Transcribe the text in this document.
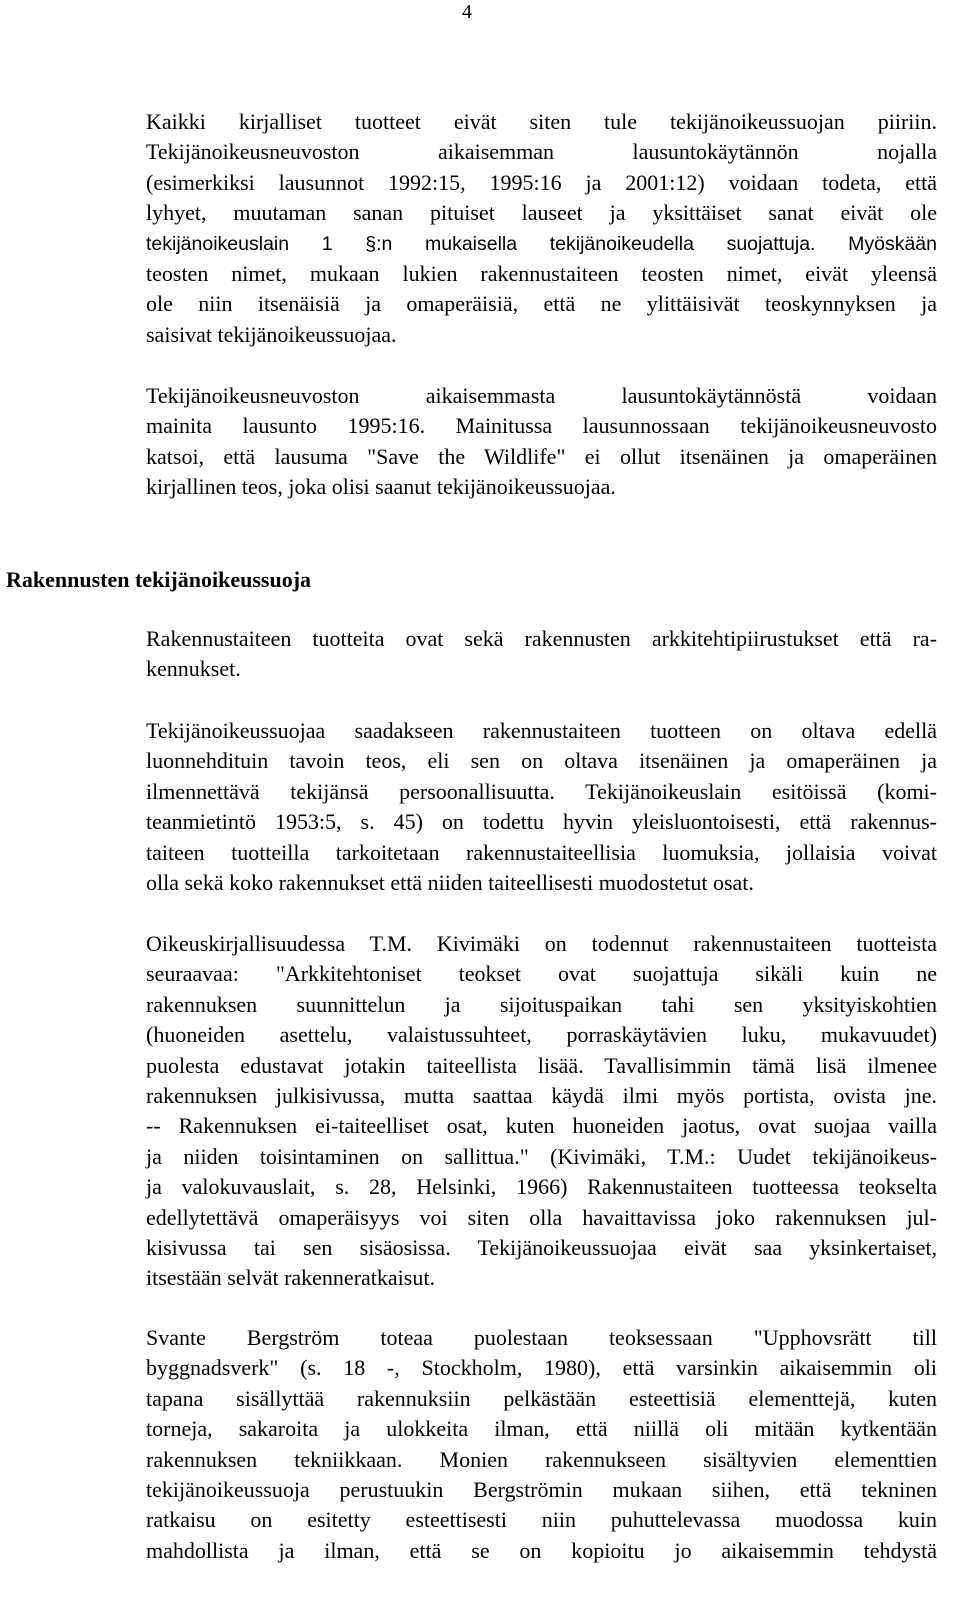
4
Kaikki kirjalliset tuotteet eivät siten tule tekijänoikeussuojan piiriin.
Tekijänoikeusneuvoston aikaisemman lausuntokäytännön nojalla
(esimerkiksi lausunnot 1992:15, 1995:16 ja 2001:12) voidaan todeta, että
lyhyet, muutaman sanan pituiset lauseet ja yksittäiset sanat eivät ole
tekijänoikeuslain 1 §:n mukaisella tekijänoikeudella suojattuja. Myöskään
teosten nimet, mukaan lukien rakennustaiteen teosten nimet, eivät yleensä
ole niin itsenäisiä ja omaperäisiä, että ne ylittäisivät teoskynnyksen ja
saisivat tekijänoikeussuojaa.
Tekijänoikeusneuvoston aikaisemmasta lausuntokäytännöstä voidaan
mainita lausunto 1995:16. Mainitussa lausunnossaan tekijänoikeusneuvosto
katsoi, että lausuma "Save the Wildlife" ei ollut itsenäinen ja omaperäinen
kirjallinen teos, joka olisi saanut tekijänoikeussuojaa.
Rakennusten tekijänoikeussuoja
Rakennustaiteen tuotteita ovat sekä rakennusten arkkitehtipiirustukset että ra-
kennukset.
Tekijänoikeussuojaa saadakseen rakennustaiteen tuotteen on oltava edellä
luonnehdituin tavoin teos, eli sen on oltava itsenäinen ja omaperäinen ja
ilmennettävä tekijänsä persoonallisuutta. Tekijänoikeuslain esitöissä (komi-
teanmietintö 1953:5, s. 45) on todettu hyvin yleisluontoisesti, että rakennus-
taiteen tuotteilla tarkoitetaan rakennustaiteellisia luomuksia, jollaisia voivat
olla sekä koko rakennukset että niiden taiteellisesti muodostetut osat.
Oikeuskirjallisuudessa T.M. Kivimäki on todennut rakennustaiteen tuotteista
seuraavaa: "Arkkitehtoniset teokset ovat suojattuja sikäli kuin ne
rakennuksen suunnittelun ja sijoituspaikan tahi sen yksityiskohtien
(huoneiden asettelu, valaistussuhteet, porraskäytävien luku, mukavuudet)
puolesta edustavat jotakin taiteellista lisää. Tavallisimmin tämä lisä ilmenee
rakennuksen julkisivussa, mutta saattaa käydä ilmi myös portista, ovista jne.
-- Rakennuksen ei-taiteelliset osat, kuten huoneiden jaotus, ovat suojaa vailla
ja niiden toisintaminen on sallittua." (Kivimäki, T.M.: Uudet tekijänoikeus-
ja valokuvauslait, s. 28, Helsinki, 1966) Rakennustaiteen tuotteessa teokselta
edellytettävä omaperäisyys voi siten olla havaittavissa joko rakennuksen jul-
kisivussa tai sen sisäosissa. Tekijänoikeussuojaa eivät saa yksinkertaiset,
itsestään selvät rakenneratkaisut.
Svante Bergström toteaa puolestaan teoksessaan "Upphovsrätt till
byggnadsverk" (s. 18 -, Stockholm, 1980), että varsinkin aikaisemmin oli
tapana sisällyttää rakennuksiin pelkästään esteettisiä elementtejä, kuten
torneja, sakaroita ja ulokkeita ilman, että niillä oli mitään kytkentään
rakennuksen tekniikkaan. Monien rakennukseen sisältyvien elementtien
tekijänoikeussuoja perustuukin Bergströmin mukaan siihen, että tekninen
ratkaisu on esitetty esteettisesti niin puhuttelevassa muodossa kuin
mahdollista ja ilman, että se on kopioitu jo aikaisemmin tehdystä
